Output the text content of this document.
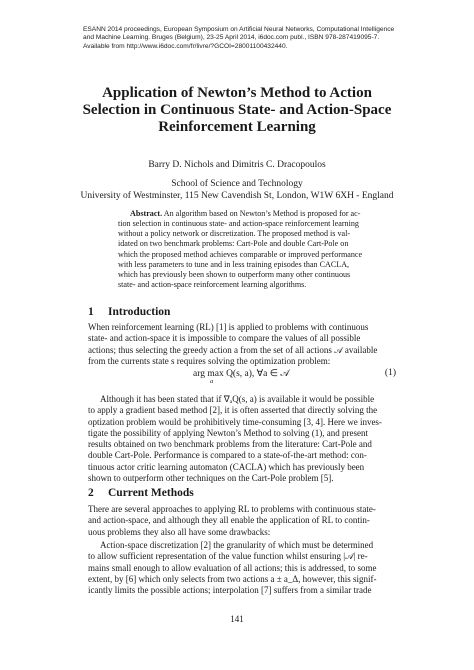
ESANN 2014 proceedings, European Symposium on Artificial Neural Networks, Computational Intelligence
and Machine Learning. Bruges (Belgium), 23-25 April 2014, i6doc.com publ., ISBN 978-287419095-7.
Available from http://www.i6doc.com/fr/livre/?GCOI=28001100432440.
Application of Newton’s Method to Action
Selection in Continuous State- and Action-Space
Reinforcement Learning
Barry D. Nichols and Dimitris C. Dracopoulos
School of Science and Technology
University of Westminster, 115 New Cavendish St, London, W1W 6XH - England
Abstract. An algorithm based on Newton’s Method is proposed for ac-
tion selection in continuous state- and action-space reinforcement learning
without a policy network or discretization. The proposed method is val-
idated on two benchmark problems: Cart-Pole and double Cart-Pole on
which the proposed method achieves comparable or improved performance
with less parameters to tune and in less training episodes than CACLA,
which has previously been shown to outperform many other continuous
state- and action-space reinforcement learning algorithms.
1 Introduction
When reinforcement learning (RL) [1] is applied to problems with continuous
state- and action-space it is impossible to compare the values of all possible
actions; thus selecting the greedy action a from the set of all actions 𝒜 available
from the currents state s requires solving the optimization problem:
arg max Q(s, a), ∀a ∈ 𝒜
a
(1)
Although it has been stated that if ∇ₐQ(s, a) is available it would be possible
to apply a gradient based method [2], it is often asserted that directly solving the
optization problem would be prohibitively time-consuming [3, 4]. Here we inves-
tigate the possibility of applying Newton’s Method to solving (1), and present
results obtained on two benchmark problems from the literature: Cart-Pole and
double Cart-Pole. Performance is compared to a state-of-the-art method: con-
tinuous actor critic learning automaton (CACLA) which has previously been
shown to outperform other techniques on the Cart-Pole problem [5].
2 Current Methods
There are several approaches to applying RL to problems with continuous state-
and action-space, and although they all enable the application of RL to contin-
uous problems they also all have some drawbacks:
Action-space discretization [2] the granularity of which must be determined
to allow sufficient representation of the value function whilst ensuring |𝒜| re-
mains small enough to allow evaluation of all actions; this is addressed, to some
extent, by [6] which only selects from two actions a ± a_Δ, however, this signif-
icantly limits the possible actions; interpolation [7] suffers from a similar trade
141
